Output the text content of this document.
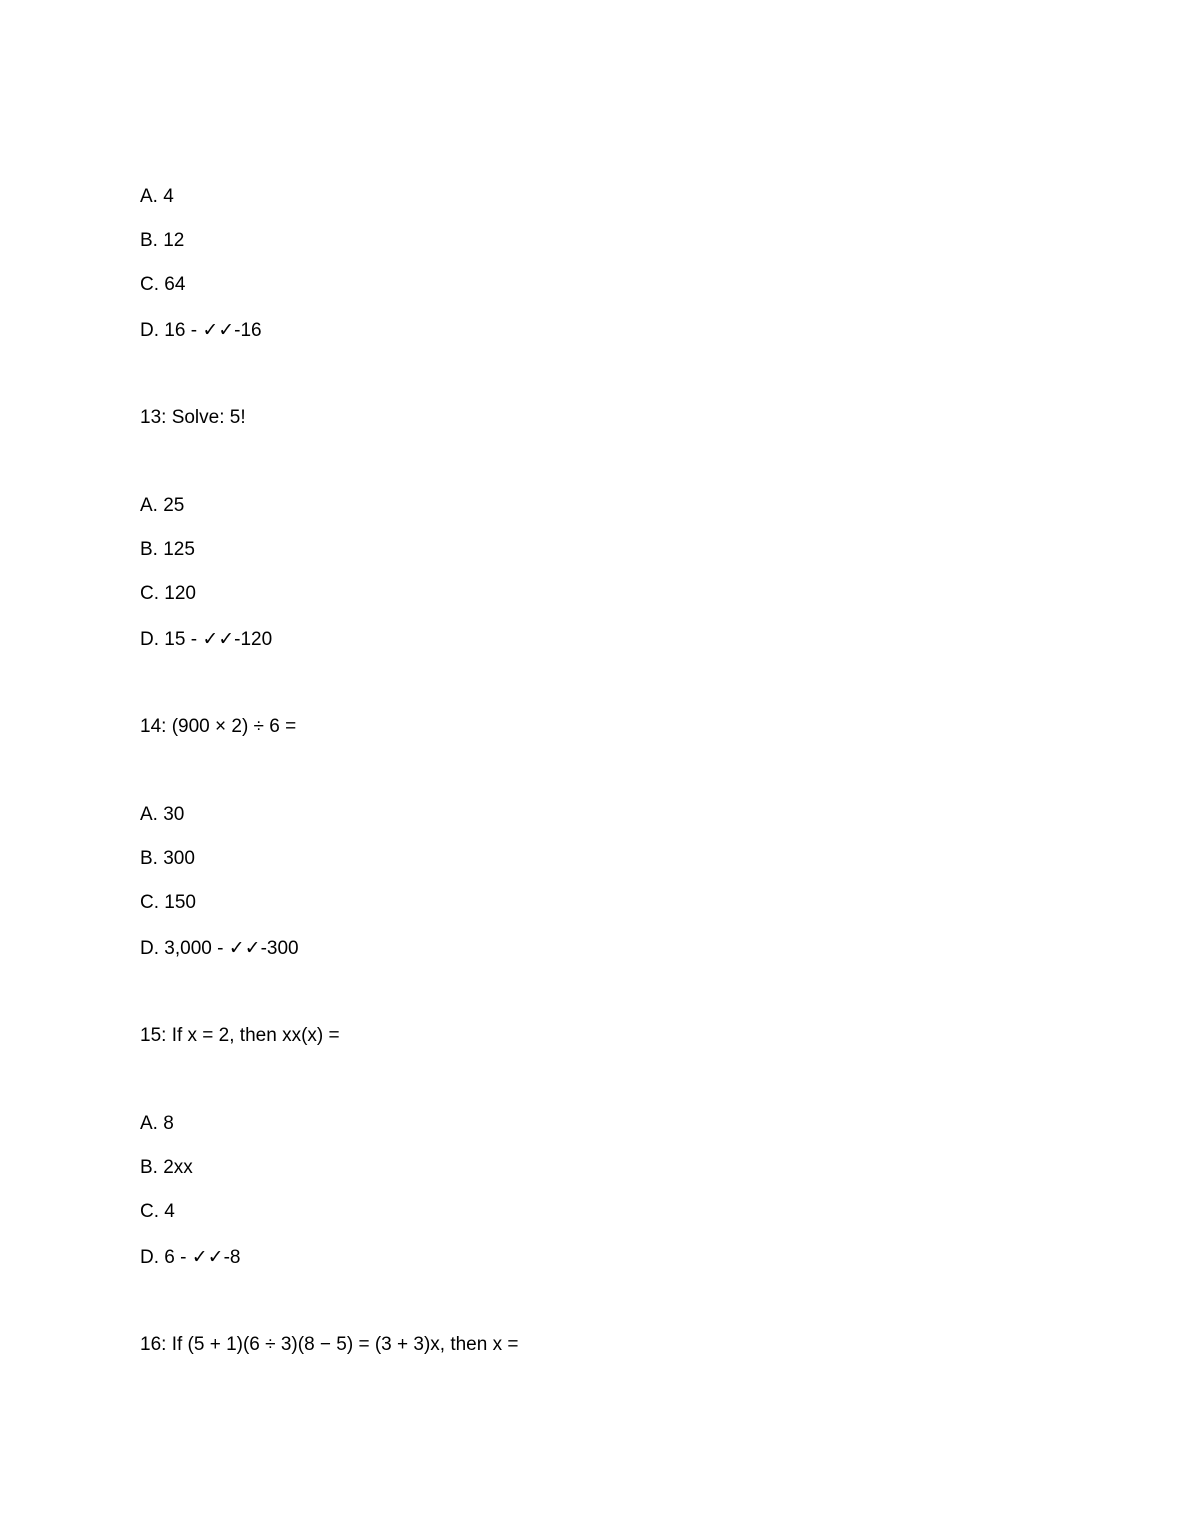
A. 4
B. 12
C. 64
D. 16 - ✓✓-16
13: Solve: 5!
A. 25
B. 125
C. 120
D. 15 - ✓✓-120
14: (900 × 2) ÷ 6 =
A. 30
B. 300
C. 150
D. 3,000 - ✓✓-300
15: If x = 2, then xx(x) =
A. 8
B. 2xx
C. 4
D. 6 - ✓✓-8
16: If (5 + 1)(6 ÷ 3)(8 − 5) = (3 + 3)x, then x =
